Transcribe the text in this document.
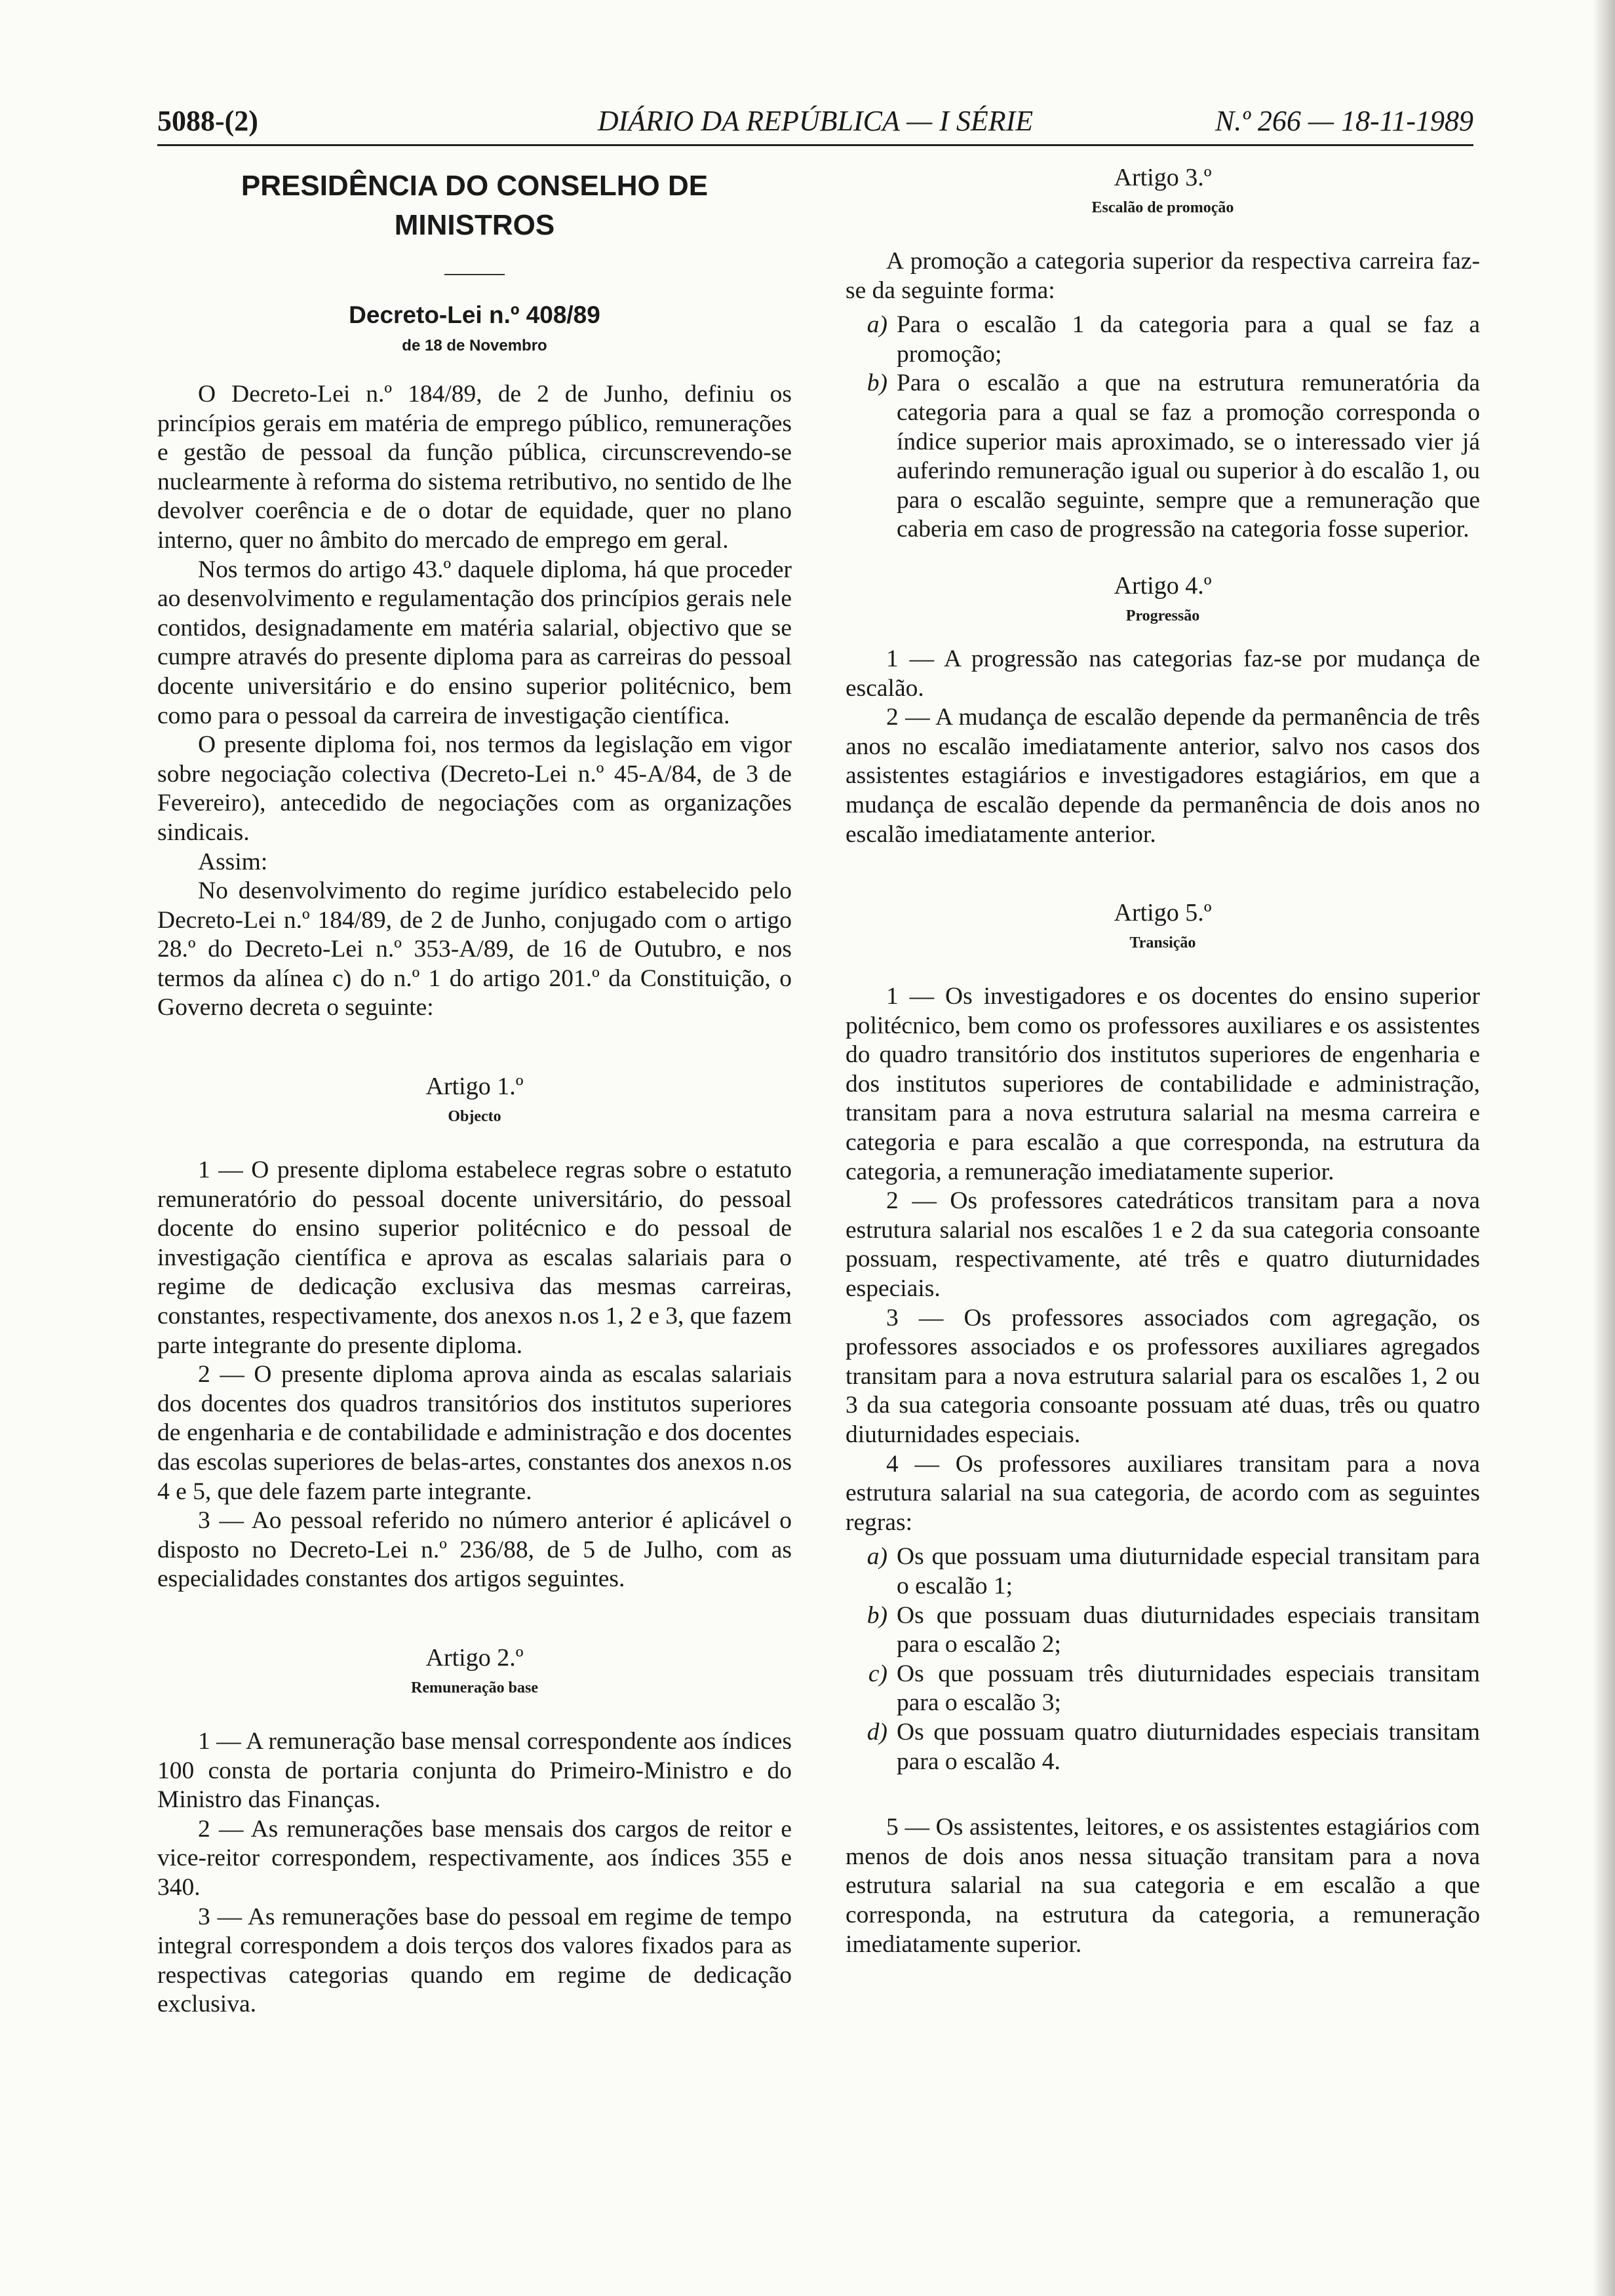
5088-(2)	DIÁRIO DA REPÚBLICA — I SÉRIE	N.º 266 — 18-11-1989
PRESIDÊNCIA DO CONSELHO DE MINISTROS
Decreto-Lei n.º 408/89
de 18 de Novembro

O Decreto-Lei n.º 184/89, de 2 de Junho, definiu os princípios gerais em matéria de emprego público, remunerações e gestão de pessoal da função pública, circunscrevendo-se nuclearmente à reforma do sistema retributivo, no sentido de lhe devolver coerência e de o dotar de equidade, quer no plano interno, quer no âmbito do mercado de emprego em geral.

Nos termos do artigo 43.º daquele diploma, há que proceder ao desenvolvimento e regulamentação dos princípios gerais nele contidos, designadamente em matéria salarial, objectivo que se cumpre através do presente diploma para as carreiras do pessoal docente universitário e do ensino superior politécnico, bem como para o pessoal da carreira de investigação científica.

O presente diploma foi, nos termos da legislação em vigor sobre negociação colectiva (Decreto-Lei n.º 45-A/84, de 3 de Fevereiro), antecedido de negociações com as organizações sindicais.

Assim:

No desenvolvimento do regime jurídico estabelecido pelo Decreto-Lei n.º 184/89, de 2 de Junho, conjugado com o artigo 28.º do Decreto-Lei n.º 353-A/89, de 16 de Outubro, e nos termos da alínea c) do n.º 1 do artigo 201.º da Constituição, o Governo decreta o seguinte:

Artigo 1.º
Objecto

1 — O presente diploma estabelece regras sobre o estatuto remuneratório do pessoal docente universitário, do pessoal docente do ensino superior politécnico e do pessoal de investigação científica e aprova as escalas salariais para o regime de dedicação exclusiva das mesmas carreiras, constantes, respectivamente, dos anexos n.os 1, 2 e 3, que fazem parte integrante do presente diploma.

2 — O presente diploma aprova ainda as escalas salariais dos docentes dos quadros transitórios dos institutos superiores de engenharia e de contabilidade e administração e dos docentes das escolas superiores de belas-artes, constantes dos anexos n.os 4 e 5, que dele fazem parte integrante.

3 — Ao pessoal referido no número anterior é aplicável o disposto no Decreto-Lei n.º 236/88, de 5 de Julho, com as especialidades constantes dos artigos seguintes.

Artigo 2.º
Remuneração base

1 — A remuneração base mensal correspondente aos índices 100 consta de portaria conjunta do Primeiro-Ministro e do Ministro das Finanças.

2 — As remunerações base mensais dos cargos de reitor e vice-reitor correspondem, respectivamente, aos índices 355 e 340.

3 — As remunerações base do pessoal em regime de tempo integral correspondem a dois terços dos valores fixados para as respectivas categorias quando em regime de dedicação exclusiva.

Artigo 3.º
Escalão de promoção

A promoção a categoria superior da respectiva carreira faz-se da seguinte forma:

a) Para o escalão 1 da categoria para a qual se faz a promoção;
b) Para o escalão a que na estrutura remuneratória da categoria para a qual se faz a promoção corresponda o índice superior mais aproximado, se o interessado vier já auferindo remuneração igual ou superior à do escalão 1, ou para o escalão seguinte, sempre que a remuneração que caberia em caso de progressão na categoria fosse superior.
Artigo 4.º
Progressão

1 — A progressão nas categorias faz-se por mudança de escalão.

2 — A mudança de escalão depende da permanência de três anos no escalão imediatamente anterior, salvo nos casos dos assistentes estagiários e investigadores estagiários, em que a mudança de escalão depende da permanência de dois anos no escalão imediatamente anterior.

Artigo 5.º
Transição

1 — Os investigadores e os docentes do ensino superior politécnico, bem como os professores auxiliares e os assistentes do quadro transitório dos institutos superiores de engenharia e dos institutos superiores de contabilidade e administração, transitam para a nova estrutura salarial na mesma carreira e categoria e para escalão a que corresponda, na estrutura da categoria, a remuneração imediatamente superior.

2 — Os professores catedráticos transitam para a nova estrutura salarial nos escalões 1 e 2 da sua categoria consoante possuam, respectivamente, até três e quatro diuturnidades especiais.

3 — Os professores associados com agregação, os professores associados e os professores auxiliares agregados transitam para a nova estrutura salarial para os escalões 1, 2 ou 3 da sua categoria consoante possuam até duas, três ou quatro diuturnidades especiais.

4 — Os professores auxiliares transitam para a nova estrutura salarial na sua categoria, de acordo com as seguintes regras:

a) Os que possuam uma diuturnidade especial transitam para o escalão 1;
b) Os que possuam duas diuturnidades especiais transitam para o escalão 2;
c) Os que possuam três diuturnidades especiais transitam para o escalão 3;
d) Os que possuam quatro diuturnidades especiais transitam para o escalão 4.

5 — Os assistentes, leitores, e os assistentes estagiários com menos de dois anos nessa situação transitam para a nova estrutura salarial na sua categoria e em escalão a que corresponda, na estrutura da categoria, a remuneração imediatamente superior.
